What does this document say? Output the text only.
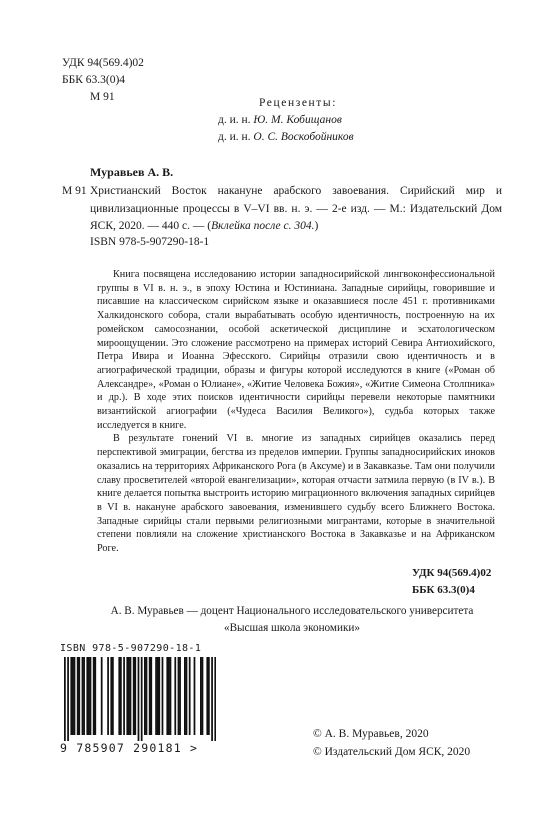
УДК 94(569.4)02
ББК 63.3(0)4
М 91	Рецензенты:
д. и. н. Ю. М. Кобищанов
д. и. н. О. С. Воскобойников
Муравьев А. В.
М 91 Христианский Восток накануне арабского завоевания. Сирийский мир и цивилизационные процессы в V–VI вв. н. э. — 2-е изд. — М.: Издательский Дом ЯСК, 2020. — 440 с. — (Вклейка после с. 304.)
ISBN 978-5-907290-18-1

Книга посвящена исследованию истории западносирийской лингвоконфессиональной группы в VI в. н. э., в эпоху Юстина и Юстиниана. Западные сирийцы, говорившие и писавшие на классическом сирийском языке и оказавшиеся после 451 г. противниками Халкидонского собора, стали вырабатывать особую идентичность, построенную на их ромейском самосознании, особой аскетической дисциплине и эсхатологическом мироощущении. Это сложение рассмотрено на примерах историй Севира Антиохийского, Петра Ивира и Иоанна Эфесского. Сирийцы отразили свою идентичность и в агиографической традиции, образы и фигуры которой исследуются в книге («Роман об Александре», «Роман о Юлиане», «Житие Человека Божия», «Житие Симеона Столпника» и др.). В ходе этих поисков идентичности сирийцы перевели некоторые памятники византийской агиографии («Чудеса Василия Великого»), судьба которых также исследуется в книге.

В результате гонений VI в. многие из западных сирийцев оказались перед перспективой эмиграции, бегства из пределов империи. Группы западносирийских иноков оказались на территориях Африканского Рога (в Аксуме) и в Закавказье. Там они получили славу просветителей «второй евангелизации», которая отчасти затмила первую (в IV в.). В книге делается попытка выстроить историю миграционного включения западных сирийцев в VI в. накануне арабского завоевания, изменившего судьбу всего Ближнего Востока. Западные сирийцы стали первыми религиозными мигрантами, которые в значительной степени повлияли на сложение христианского Востока в Закавказье и на Африканском Роге.

УДК 94(569.4)02
ББК 63.3(0)4
А. В. Муравьев — доцент Национального исследовательского университета
«Высшая школа экономики»
ISBN 978-5-907290-18-1
9 785907 290181 >
© А. В. Муравьев, 2020
© Издательский Дом ЯСК, 2020
